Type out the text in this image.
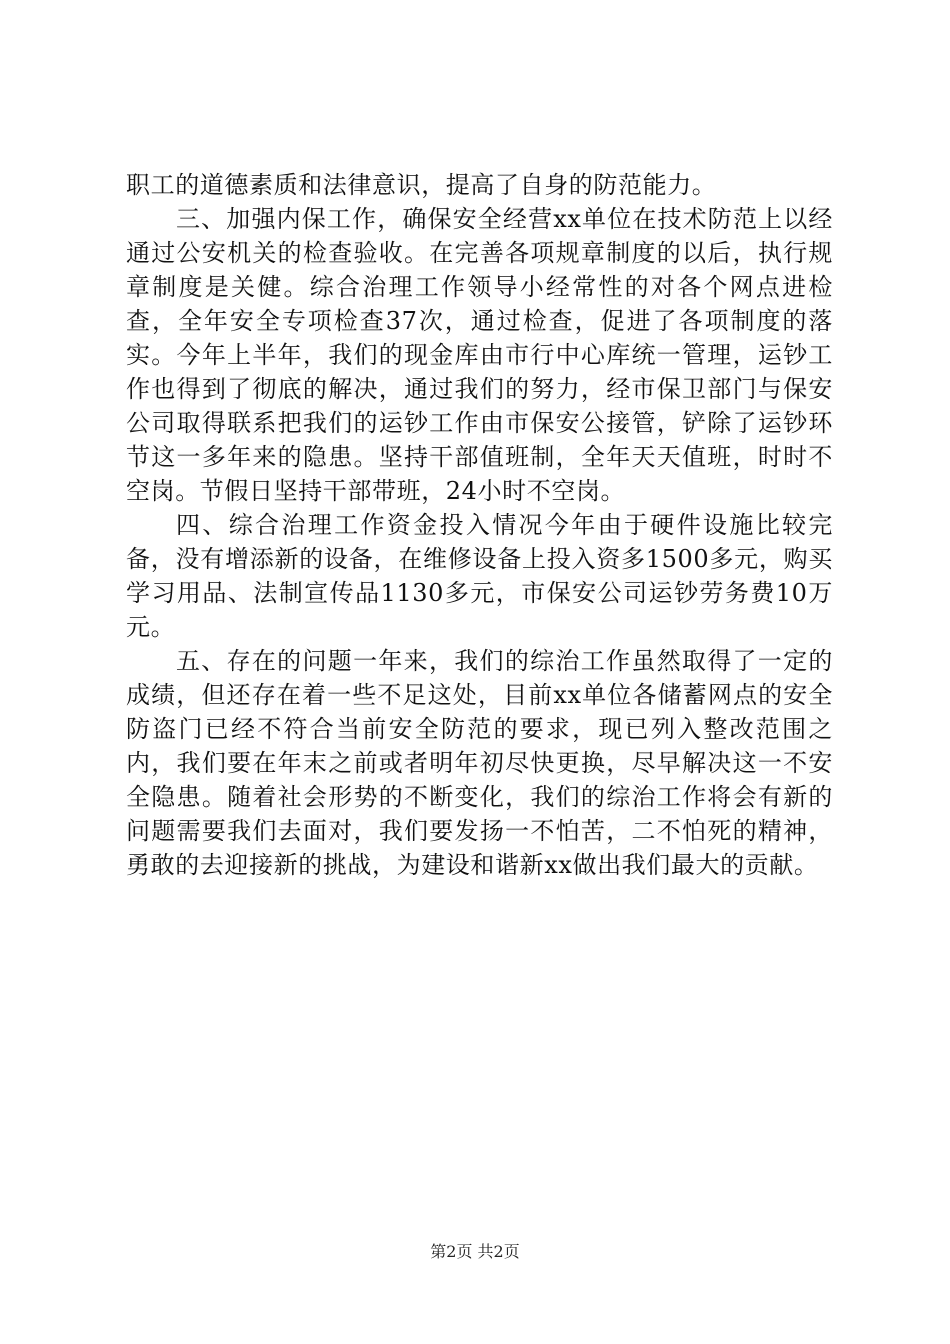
职工的道德素质和法律意识，提高了自身的防范能力。

三、加强内保工作，确保安全经营xx单位在技术防范上以经通过公安机关的检查验收。在完善各项规章制度的以后，执行规章制度是关健。综合治理工作领导小经常性的对各个网点进检查，全年安全专项检查37次，通过检查，促进了各项制度的落实。今年上半年，我们的现金库由市行中心库统一管理，运钞工作也得到了彻底的解决，通过我们的努力，经市保卫部门与保安公司取得联系把我们的运钞工作由市保安公接管，铲除了运钞环节这一多年来的隐患。坚持干部值班制，全年天天值班，时时不空岗。节假日坚持干部带班，24小时不空岗。

四、综合治理工作资金投入情况今年由于硬件设施比较完备，没有增添新的设备，在维修设备上投入资多1500多元，购买学习用品、法制宣传品1130多元，市保安公司运钞劳务费10万元。

五、存在的问题一年来，我们的综治工作虽然取得了一定的成绩，但还存在着一些不足这处，目前xx单位各储蓄网点的安全防盗门已经不符合当前安全防范的要求，现已列入整改范围之内，我们要在年末之前或者明年初尽快更换，尽早解决这一不安全隐患。随着社会形势的不断变化，我们的综治工作将会有新的问题需要我们去面对，我们要发扬一不怕苦，二不怕死的精神，勇敢的去迎接新的挑战，为建设和谐新xx做出我们最大的贡献。

第2页 共2页
